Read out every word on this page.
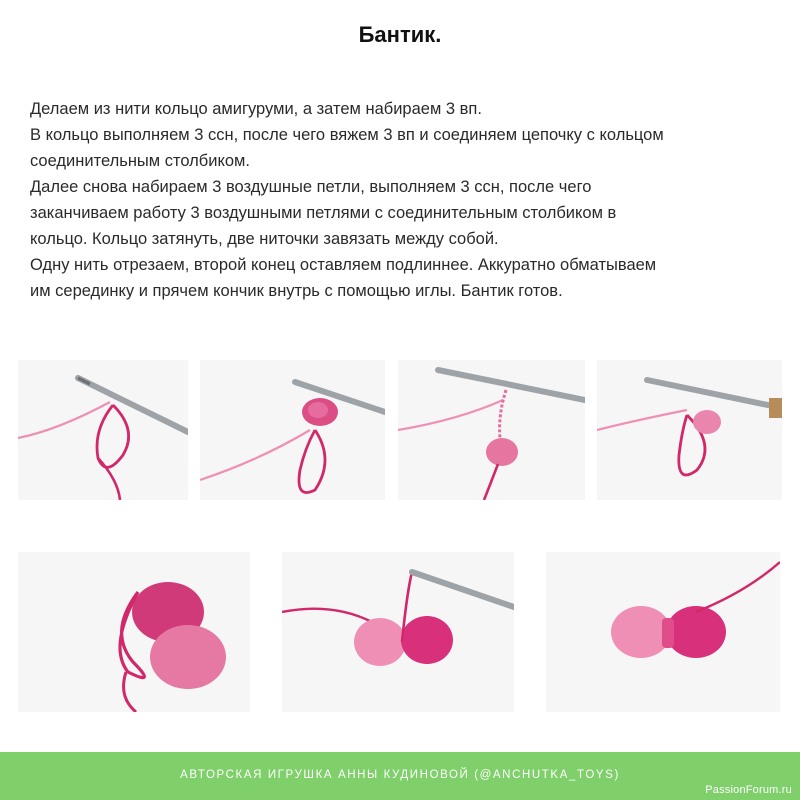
Бантик.

Делаем из нити кольцо амигуруми, а затем набираем 3 вп.

В кольцо выполняем 3 ссн, после чего вяжем 3 вп и соединяем цепочку с кольцом

соединительным столбиком.

Далее снова набираем 3 воздушные петли, выполняем 3 ссн, после чего

заканчиваем работу 3 воздушными петлями с соединительным столбиком в

кольцо. Кольцо затянуть, две ниточки завязать между собой.

Одну нить отрезаем, второй конец оставляем подлиннее. Аккуратно обматываем

им серединку и прячем кончик внутрь с помощью иглы. Бантик готов.

АВТОРСКАЯ ИГРУШКА АННЫ КУДИНОВОЙ (@ANCHUTKA_TOYS)
PassionForum.ru
